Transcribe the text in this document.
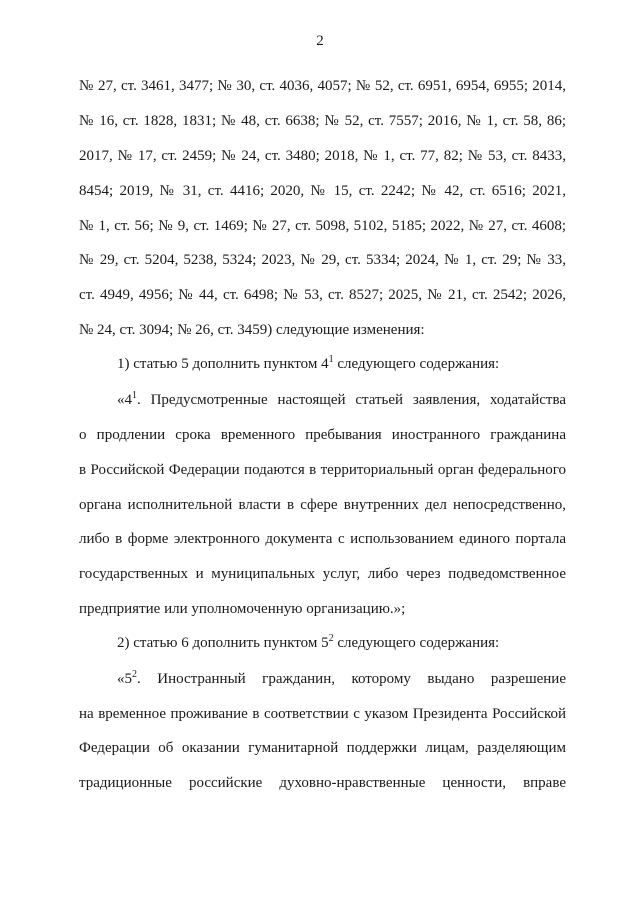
2
№ 27, ст. 3461, 3477; № 30, ст. 4036, 4057; № 52, ст. 6951, 6954, 6955; 2014,
№ 16, ст. 1828, 1831; № 48, ст. 6638; № 52, ст. 7557; 2016, № 1, ст. 58, 86;
2017, № 17, ст. 2459; № 24, ст. 3480; 2018, № 1, ст. 77, 82; № 53, ст. 8433,
8454; 2019, № 31, ст. 4416; 2020, № 15, ст. 2242; № 42, ст. 6516; 2021,
№ 1, ст. 56; № 9, ст. 1469; № 27, ст. 5098, 5102, 5185; 2022, № 27, ст. 4608;
№ 29, ст. 5204, 5238, 5324; 2023, № 29, ст. 5334; 2024, № 1, ст. 29; № 33,
ст. 4949, 4956; № 44, ст. 6498; № 53, ст. 8527; 2025, № 21, ст. 2542; 2026,
№ 24, ст. 3094; № 26, ст. 3459) следующие изменения:
1) статью 5 дополнить пунктом $4^1$ следующего содержания:
«$4^1$. Предусмотренные настоящей статьей заявления, ходатайства
о продлении срока временного пребывания иностранного гражданина
в Российской Федерации подаются в территориальный орган федерального
органа исполнительной власти в сфере внутренних дел непосредственно,
либо в форме электронного документа с использованием единого портала
государственных и муниципальных услуг, либо через подведомственное
предприятие или уполномоченную организацию.»;
2) статью 6 дополнить пунктом $5^2$ следующего содержания:
«$5^2$. Иностранный гражданин, которому выдано разрешение
на временное проживание в соответствии с указом Президента Российской
Федерации об оказании гуманитарной поддержки лицам, разделяющим
традиционные российские духовно-нравственные ценности, вправе
